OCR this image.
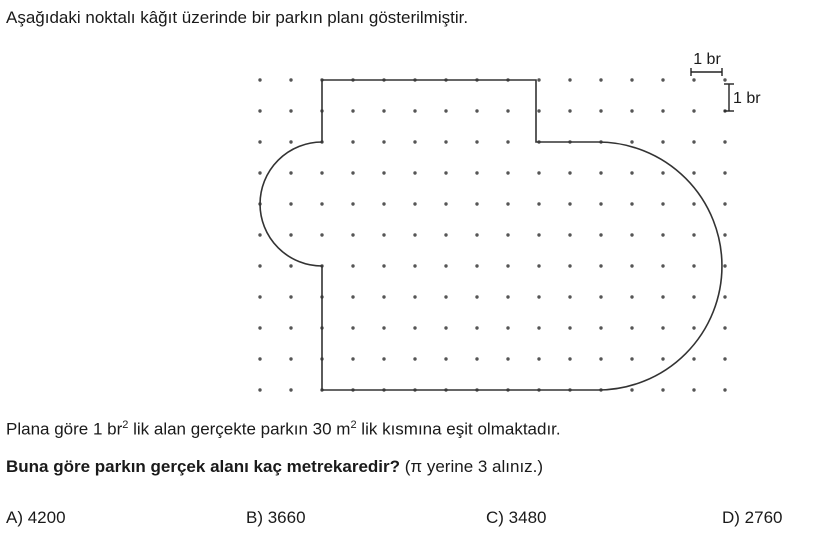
Aşağıdaki noktalı kâğıt üzerinde bir parkın planı gösterilmiştir.
1 br
1 br
Plana göre 1 $br^2$ lik alan gerçekte parkın 30 $m^2$ lik kısmına eşit olmaktadır.
Buna göre parkın gerçek alanı kaç metrekaredir? (π yerine 3 alınız.)
A) 4200	B) 3660	C) 3480	D) 2760
